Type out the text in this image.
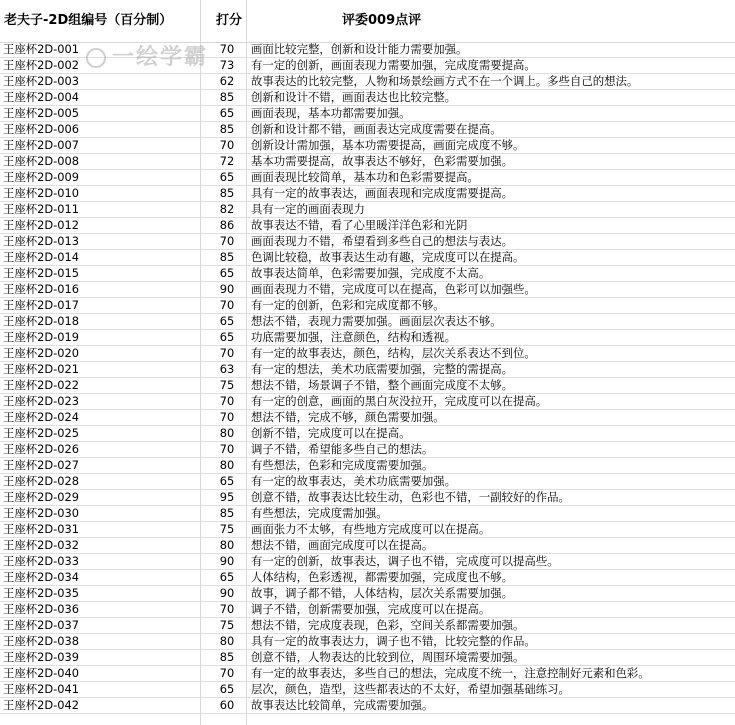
老夫子-2D组编号（百分制）	打分	评委009点评
王座杯2D-001	70	画面比较完整，创新和设计能力需要加强。
王座杯2D-002	73	有一定的创新，画面表现力需要加强，完成度需要提高。
王座杯2D-003	62	故事表达的比较完整，人物和场景绘画方式不在一个调上。多些自己的想法。
王座杯2D-004	85	创新和设计不错，画面表达也比较完整。
王座杯2D-005	65	画面表现，基本功都需要加强。
王座杯2D-006	85	创新和设计都不错，画面表达完成度需要在提高。
王座杯2D-007	70	创新设计需加强，基本功需要提高，画面完成度不够。
王座杯2D-008	72	基本功需要提高，故事表达不够好，色彩需要加强。
王座杯2D-009	65	画面表现比较简单，基本功和色彩需要提高。
王座杯2D-010	85	具有一定的故事表达，画面表现和完成度需要提高。
王座杯2D-011	82	具有一定的画面表现力
王座杯2D-012	86	故事表达不错，看了心里暖洋洋色彩和光阴
王座杯2D-013	70	画面表现力不错，希望看到多些自己的想法与表达。
王座杯2D-014	85	色调比较稳，故事表达生动有趣，完成度可以在提高。
王座杯2D-015	65	故事表达简单，色彩需要加强，完成度不太高。
王座杯2D-016	90	画面表现力不错，完成度可以在提高，色彩可以加强些。
王座杯2D-017	70	有一定的创新，色彩和完成度都不够。
王座杯2D-018	65	想法不错，表现力需要加强。画面层次表达不够。
王座杯2D-019	65	功底需要加强，注意颜色，结构和透视。
王座杯2D-020	70	有一定的故事表达，颜色，结构，层次关系表达不到位。
王座杯2D-021	63	有一定的想法，美术功底需要加强，完整的需提高。
王座杯2D-022	75	想法不错，场景调子不错，整个画面完成度不太够。
王座杯2D-023	70	有一定的创意，画面的黑白灰没拉开，完成度可以在提高。
王座杯2D-024	70	想法不错，完成不够，颜色需要加强。
王座杯2D-025	80	创新不错，完成度可以在提高。
王座杯2D-026	70	调子不错，希望能多些自己的想法。
王座杯2D-027	80	有些想法，色彩和完成度需要加强。
王座杯2D-028	65	有一定的故事表达，美术功底需要加强。
王座杯2D-029	95	创意不错，故事表达比较生动，色彩也不错，一副较好的作品。
王座杯2D-030	85	有些想法，完成度需加强。
王座杯2D-031	75	画面张力不太够，有些地方完成度可以在提高。
王座杯2D-032	80	想法不错，画面完成度可以在提高。
王座杯2D-033	90	有一定的创新，故事表达，调子也不错，完成度可以提高些。
王座杯2D-034	65	人体结构，色彩透视，都需要加强，完成度也不够。
王座杯2D-035	90	故事，调子都不错，人体结构，层次关系需要加强。
王座杯2D-036	70	调子不错，创新需要加强，完成度可以在提高。
王座杯2D-037	75	想法不错，完成度表现，色彩，空间关系都需要加强。
王座杯2D-038	80	具有一定的故事表达力，调子也不错，比较完整的作品。
王座杯2D-039	85	创意不错，人物表达的比较到位，周围环境需要加强。
王座杯2D-040	70	有一定的故事表达，多些自己的想法，完成度不统一，注意控制好元素和色彩。
王座杯2D-041	65	层次，颜色，造型，这些都表达的不太好，希望加强基础练习。
王座杯2D-042	60	故事表达比较简单，完成需要加强。
一绘学霸
